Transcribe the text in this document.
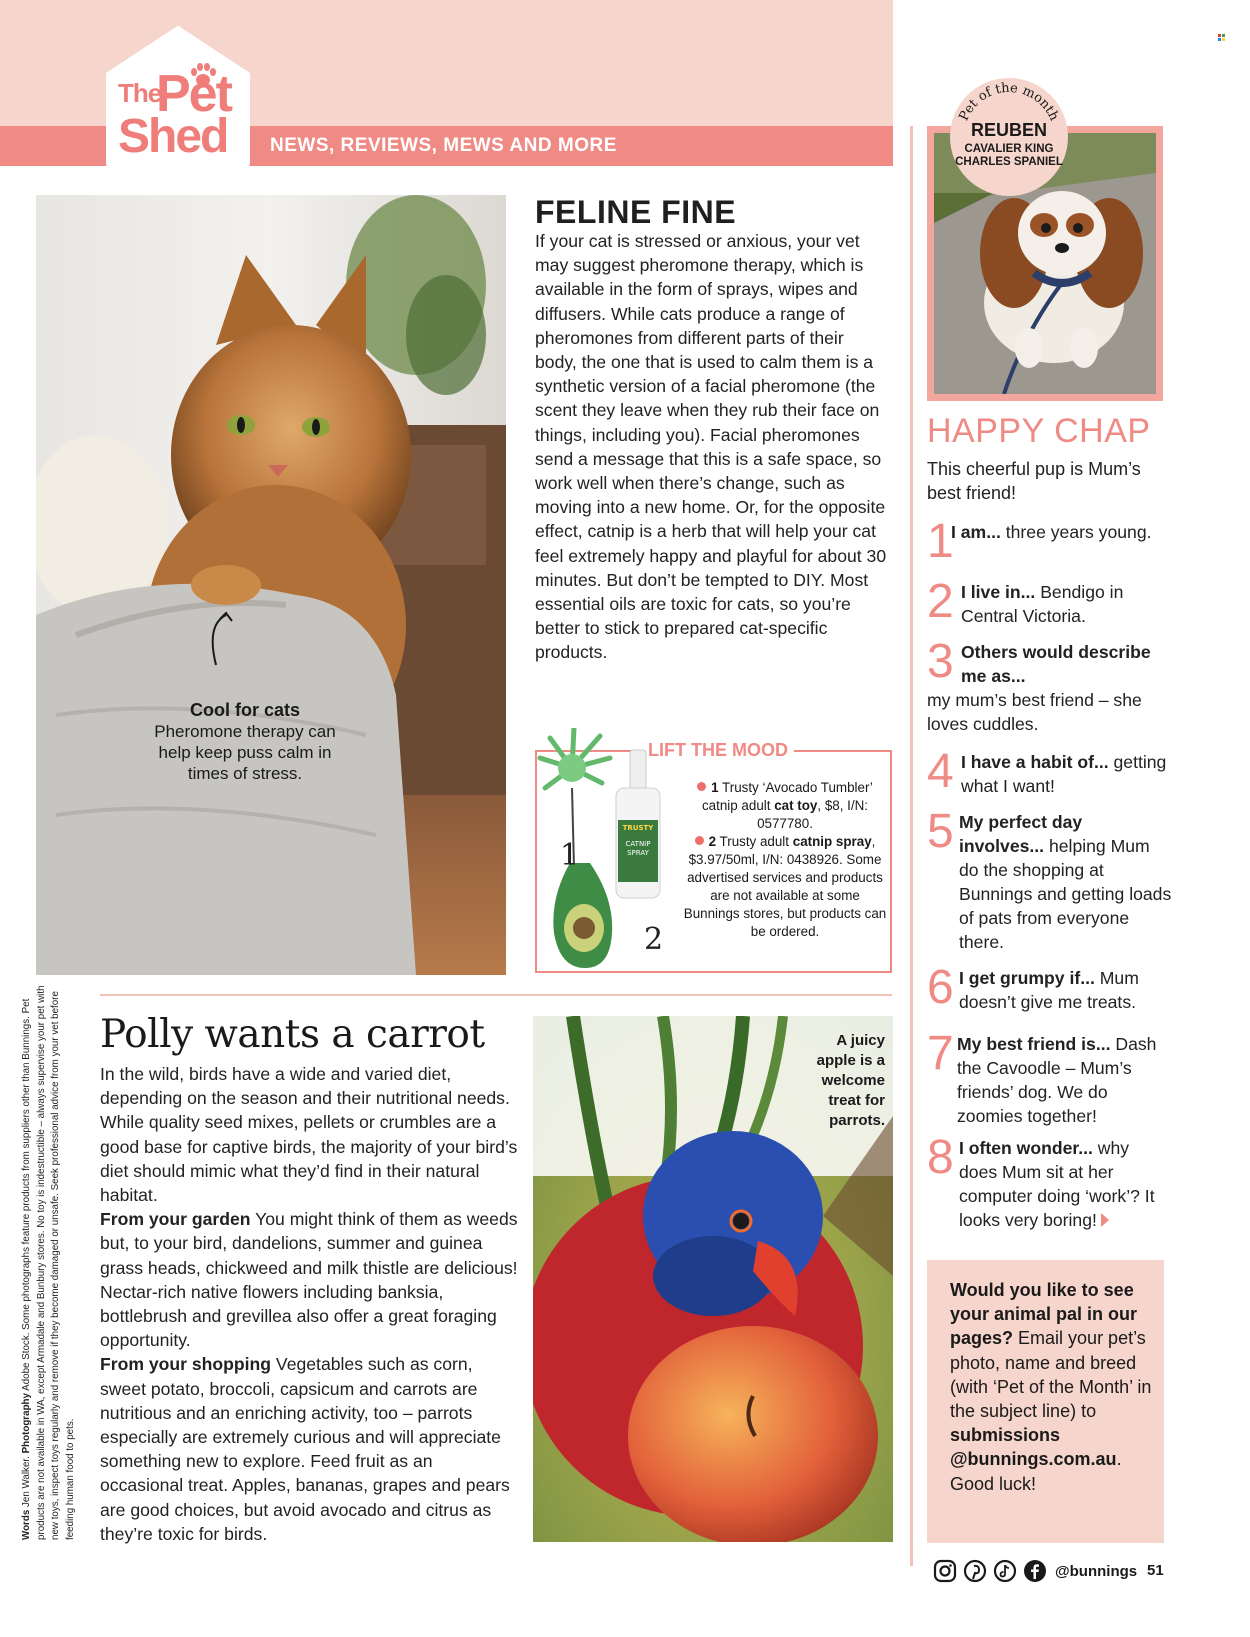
NEWS, REVIEWS, MEWS AND MORE
The
Pet
Shed
Cool for cats
Pheromone therapy can help keep puss calm in times of stress.
FELINE FINE
If your cat is stressed or anxious, your vet may suggest pheromone therapy, which is available in the form of sprays, wipes and diffusers. While cats produce a range of pheromones from different parts of their body, the one that is used to calm them is a synthetic version of a facial pheromone (the scent they leave when they rub their face on things, including you). Facial pheromones send a message that this is a safe space, so work well when there’s change, such as moving into a new home. Or, for the opposite effect, catnip is a herb that will help your cat feel extremely happy and playful for about 30 minutes. But don’t be tempted to DIY. Most essential oils are toxic for cats, so you’re better to stick to prepared cat-specific products.
LIFT THE MOOD
TRUSTY
CATNIP
SPRAY
1
2
1 Trusty ‘Avocado Tumbler’ catnip adult cat toy, $8, I/N: 0577780.
2 Trusty adult catnip spray, $3.97/50ml, I/N: 0438926. Some advertised services and products are not available at some Bunnings stores, but products can be ordered.
Polly wants a carrot
In the wild, birds have a wide and varied diet, depending on the season and their nutritional needs. While quality seed mixes, pellets or crumbles are a good base for captive birds, the majority of your bird’s diet should mimic what they’d find in their natural habitat.
From your garden You might think of them as weeds but, to your bird, dandelions, summer and guinea grass heads, chickweed and milk thistle are delicious! Nectar-rich native flowers including banksia, bottlebrush and grevillea also offer a great foraging opportunity.
From your shopping Vegetables such as corn, sweet potato, broccoli, capsicum and carrots are nutritious and an enriching activity, too – parrots especially are extremely curious and will appreciate something new to explore. Feed fruit as an occasional treat. Apples, bananas, grapes and pears are good choices, but avoid avocado and citrus as they’re toxic for birds.
A juicy apple is a welcome treat for parrots.
Words Jen Walker. Photography Adobe Stock. Some photographs feature products from suppliers other than Bunnings. Pet products are not available in WA, except Armadale and Bunbury stores. No toy is indestructible – always supervise your pet with new toys, inspect toys regularly and remove if they become damaged or unsafe. Seek professional advice from your vet before feeding human food to pets.
Pet of the month
REUBEN
CAVALIER KING CHARLES SPANIEL
HAPPY CHAP
This cheerful pup is Mum’s best friend!
1
I am... three years young.
2 I live in... Bendigo in Central Victoria.
3 Others would describe me as...
my mum’s best friend – she loves cuddles.
4 I have a habit of... getting what I want!
5 My perfect day involves... helping Mum do the shopping at Bunnings and getting loads of pats from everyone there.
6 I get grumpy if... Mum doesn’t give me treats.
7 My best friend is... Dash the Cavoodle – Mum’s friends’ dog. We do zoomies together!
8 I often wonder... why does Mum sit at her computer doing ‘work’? It looks very boring!
Would you like to see your animal pal in our pages? Email your pet’s photo, name and breed (with ‘Pet of the Month’ in the subject line) to submissions @bunnings.com.au. Good luck!
@bunnings 51
